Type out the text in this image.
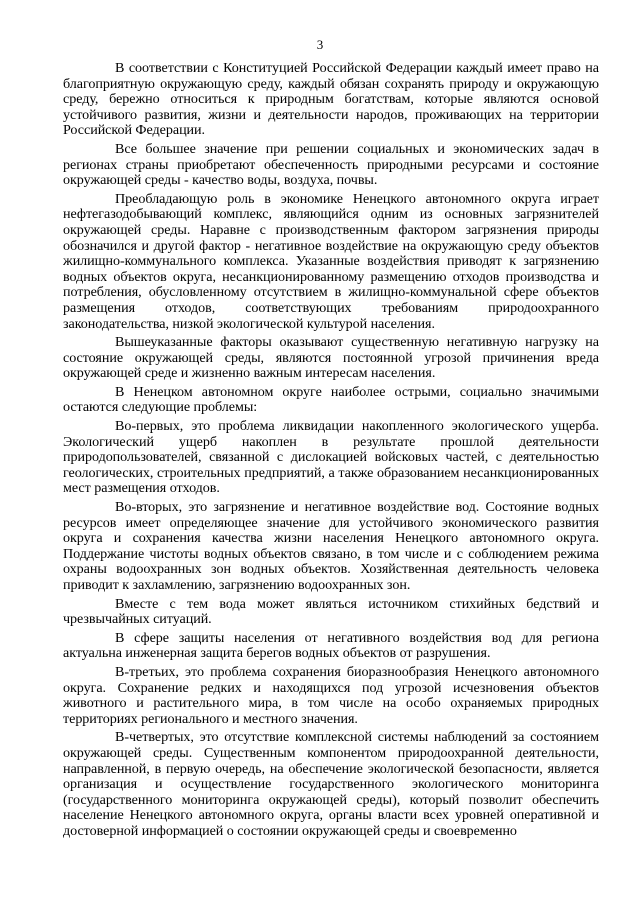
3

В соответствии с Конституцией Российской Федерации каждый имеет право на благоприятную окружающую среду, каждый обязан сохранять природу и окружающую среду, бережно относиться к природным богатствам, которые являются основой устойчивого развития, жизни и деятельности народов, проживающих на территории Российской Федерации.

Все большее значение при решении социальных и экономических задач в регионах страны приобретают обеспеченность природными ресурсами и состояние окружающей среды - качество воды, воздуха, почвы.

Преобладающую роль в экономике Ненецкого автономного округа играет нефтегазодобывающий комплекс, являющийся одним из основных загрязнителей окружающей среды. Наравне с производственным фактором загрязнения природы обозначился и другой фактор - негативное воздействие на окружающую среду объектов жилищно-коммунального комплекса. Указанные воздействия приводят к загрязнению водных объектов округа, несанкционированному размещению отходов производства и потребления, обусловленному отсутствием в жилищно-коммунальной сфере объектов размещения отходов, соответствующих требованиям природоохранного законодательства, низкой экологической культурой населения.

Вышеуказанные факторы оказывают существенную негативную нагрузку на состояние окружающей среды, являются постоянной угрозой причинения вреда окружающей среде и жизненно важным интересам населения.

В Ненецком автономном округе наиболее острыми, социально значимыми остаются следующие проблемы:

Во-первых, это проблема ликвидации накопленного экологического ущерба. Экологический ущерб накоплен в результате прошлой деятельности природопользователей, связанной с дислокацией войсковых частей, с деятельностью геологических, строительных предприятий, а также образованием несанкционированных мест размещения отходов.

Во-вторых, это загрязнение и негативное воздействие вод. Состояние водных ресурсов имеет определяющее значение для устойчивого экономического развития округа и сохранения качества жизни населения Ненецкого автономного округа. Поддержание чистоты водных объектов связано, в том числе и с соблюдением режима охраны водоохранных зон водных объектов. Хозяйственная деятельность человека приводит к захламлению, загрязнению водоохранных зон.

Вместе с тем вода может являться источником стихийных бедствий и чрезвычайных ситуаций.

В сфере защиты населения от негативного воздействия вод для региона актуальна инженерная защита берегов водных объектов от разрушения.

В-третьих, это проблема сохранения биоразнообразия Ненецкого автономного округа. Сохранение редких и находящихся под угрозой исчезновения объектов животного и растительного мира, в том числе на особо охраняемых природных территориях регионального и местного значения.

В-четвертых, это отсутствие комплексной системы наблюдений за состоянием окружающей среды. Существенным компонентом природоохранной деятельности, направленной, в первую очередь, на обеспечение экологической безопасности, является организация и осуществление государственного экологического мониторинга (государственного мониторинга окружающей среды), который позволит обеспечить население Ненецкого автономного округа, органы власти всех уровней оперативной и достоверной информацией о состоянии окружающей среды и своевременно
